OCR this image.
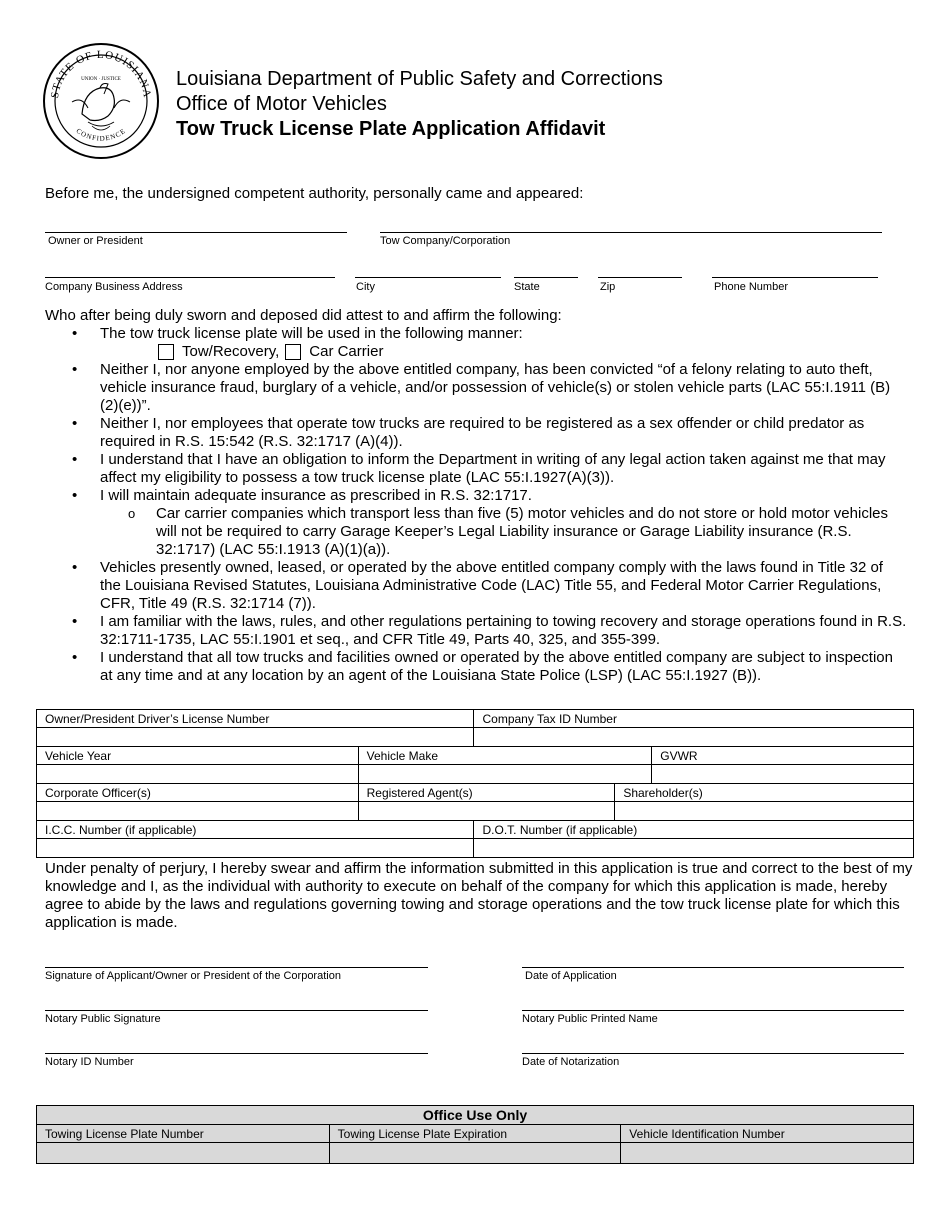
STATE OF LOUISIANA
CONFIDENCE
UNION · JUSTICE	Louisiana Department of Public Safety and Corrections
Office of Motor Vehicles
Tow Truck License Plate Application Affidavit
Before me, the undersigned competent authority, personally came and appeared:
Owner or President	Tow Company/Corporation
Company Business Address	City	State	Zip	Phone Number
Who after being duly sworn and deposed did attest to and affirm the following:
• The tow truck license plate will be used in the following manner:
Tow/Recovery, Car Carrier
• Neither I, nor anyone employed by the above entitled company, has been convicted “of a felony relating to auto theft, vehicle insurance fraud, burglary of a vehicle, and/or possession of vehicle(s) or stolen vehicle parts (LAC 55:I.1911 (B)(2)(e))”.
• Neither I, nor employees that operate tow trucks are required to be registered as a sex offender or child predator as required in R.S. 15:542 (R.S. 32:1717 (A)(4)).
• I understand that I have an obligation to inform the Department in writing of any legal action taken against me that may affect my eligibility to possess a tow truck license plate (LAC 55:I.1927(A)(3)).
• I will maintain adequate insurance as prescribed in R.S. 32:1717.
o Car carrier companies which transport less than five (5) motor vehicles and do not store or hold motor vehicles will not be required to carry Garage Keeper’s Legal Liability insurance or Garage Liability insurance (R.S. 32:1717) (LAC 55:I.1913 (A)(1)(a)).
• Vehicles presently owned, leased, or operated by the above entitled company comply with the laws found in Title 32 of the Louisiana Revised Statutes, Louisiana Administrative Code (LAC) Title 55, and Federal Motor Carrier Regulations, CFR, Title 49 (R.S. 32:1714 (7)).
• I am familiar with the laws, rules, and other regulations pertaining to towing recovery and storage operations found in R.S. 32:1711-1735, LAC 55:I.1901 et seq., and CFR Title 49, Parts 40, 325, and 355-399.
• I understand that all tow trucks and facilities owned or operated by the above entitled company are subject to inspection at any time and at any location by an agent of the Louisiana State Police (LSP) (LAC 55:I.1927 (B)).
Owner/President Driver’s License Number		Company Tax ID Number		

Vehicle Year	Vehicle Make			GVWR

Corporate Officer(s)	Registered Agent(s)		Shareholder(s)	

I.C.C. Number (if applicable)		D.O.T. Number (if applicable)		

Under penalty of perjury, I hereby swear and affirm the information submitted in this application is true and correct to the best of my knowledge and I, as the individual with authority to execute on behalf of the company for which this application is made, hereby agree to abide by the laws and regulations governing towing and storage operations and the tow truck license plate for which this application is made.
Signature of Applicant/Owner or President of the Corporation	Date of Application
Notary Public Signature	Notary Public Printed Name
Notary ID Number	Date of Notarization
Office Use Only		
Towing License Plate Number	Towing License Plate Expiration	Vehicle Identification Number
